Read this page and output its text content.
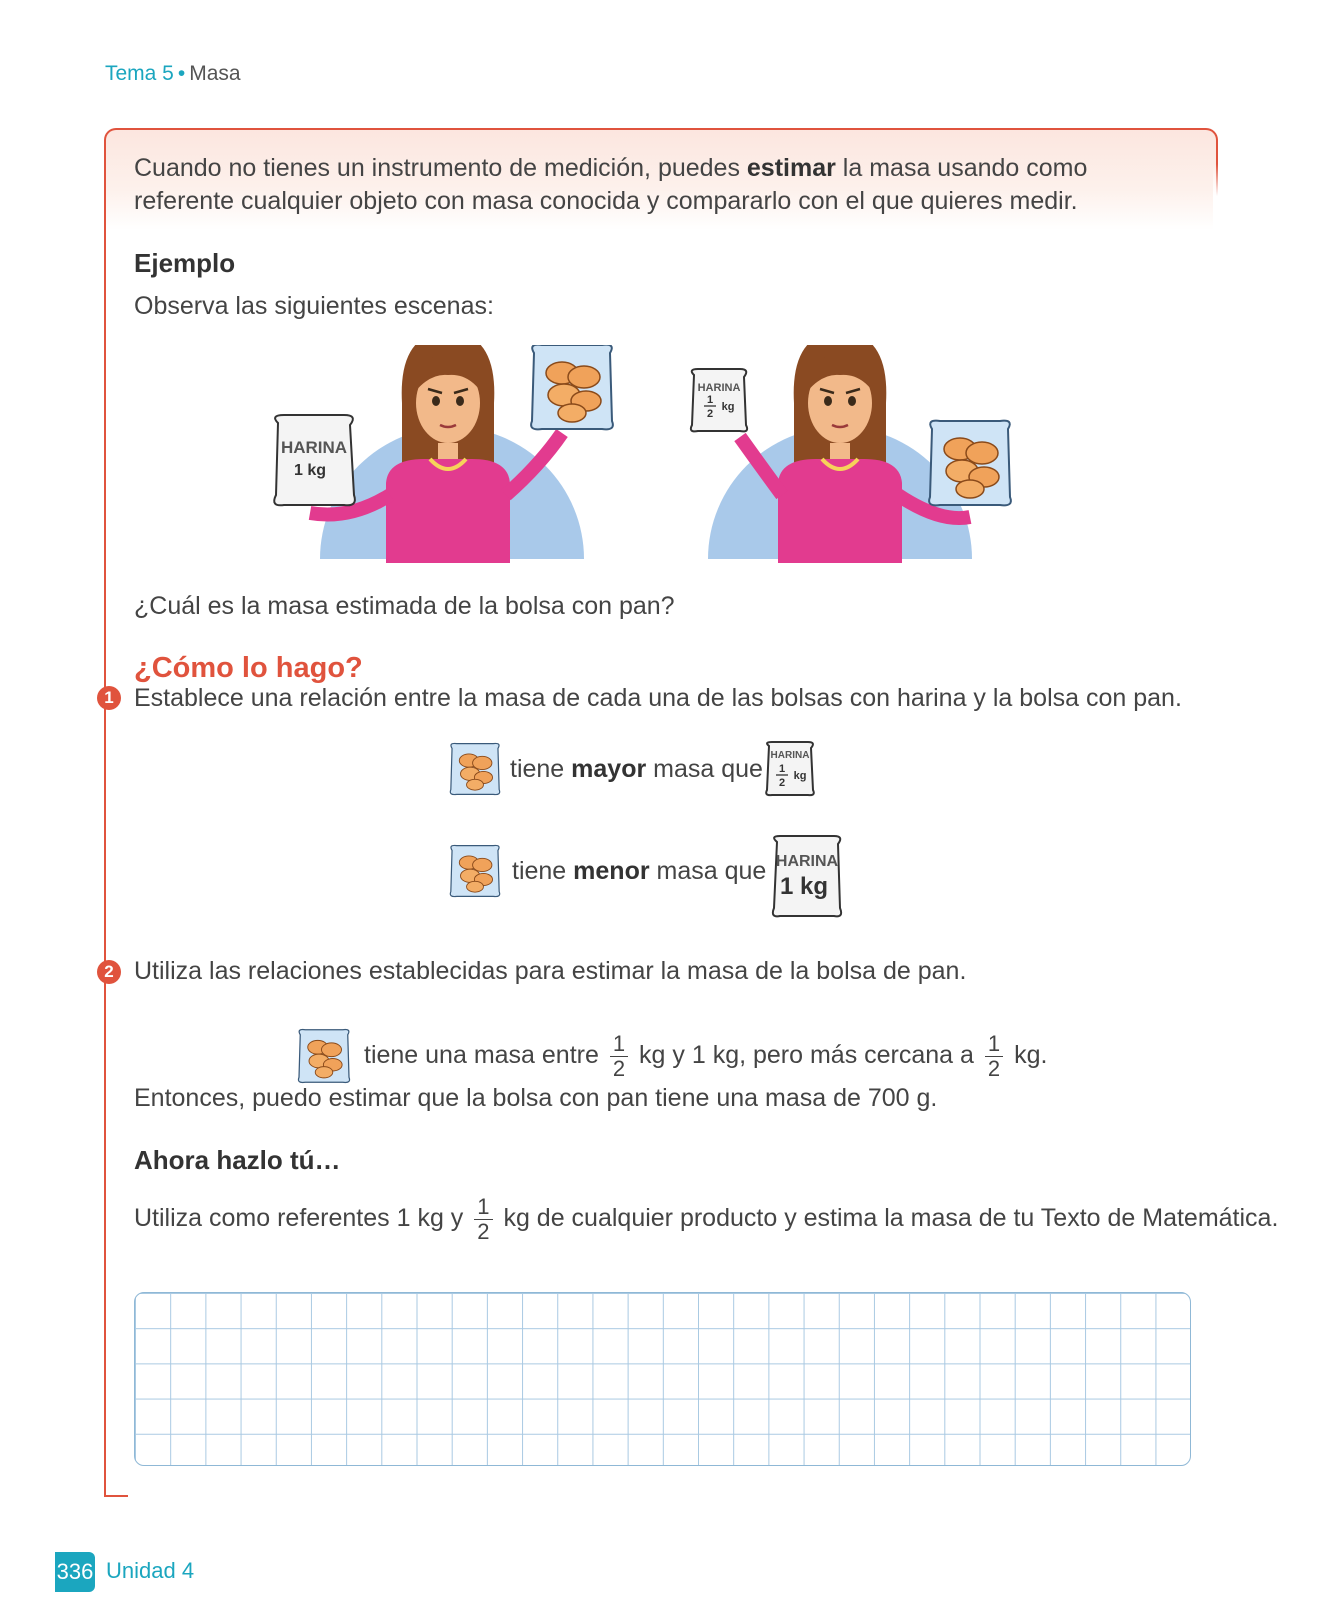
Tema 5 • Masa
Cuando no tienes un instrumento de medición, puedes estimar la masa usando como referente cualquier objeto con masa conocida y compararlo con el que quieres medir.
Ejemplo
Observa las siguientes escenas:
HARINA
1 kg
HARINA
1
2
kg
¿Cuál es la masa estimada de la bolsa con pan?
¿Cómo lo hago?
1 Establece una relación entre la masa de cada una de las bolsas con harina y la bolsa con pan.
tiene mayor masa que HARINA
1
2
kg
tiene menor masa que HARINA
1 kg
2 Utiliza las relaciones establecidas para estimar la masa de la bolsa de pan.
tiene una masa entre $\frac{1}{2}$ kg y 1 kg, pero más cercana a $\frac{1}{2}$ kg.
Entonces, puedo estimar que la bolsa con pan tiene una masa de 700 g.
Ahora hazlo tú…
Utiliza como referentes 1 kg y $\frac{1}{2}$ kg de cualquier producto y estima la masa de tu Texto de Matemática.
336 Unidad 4
